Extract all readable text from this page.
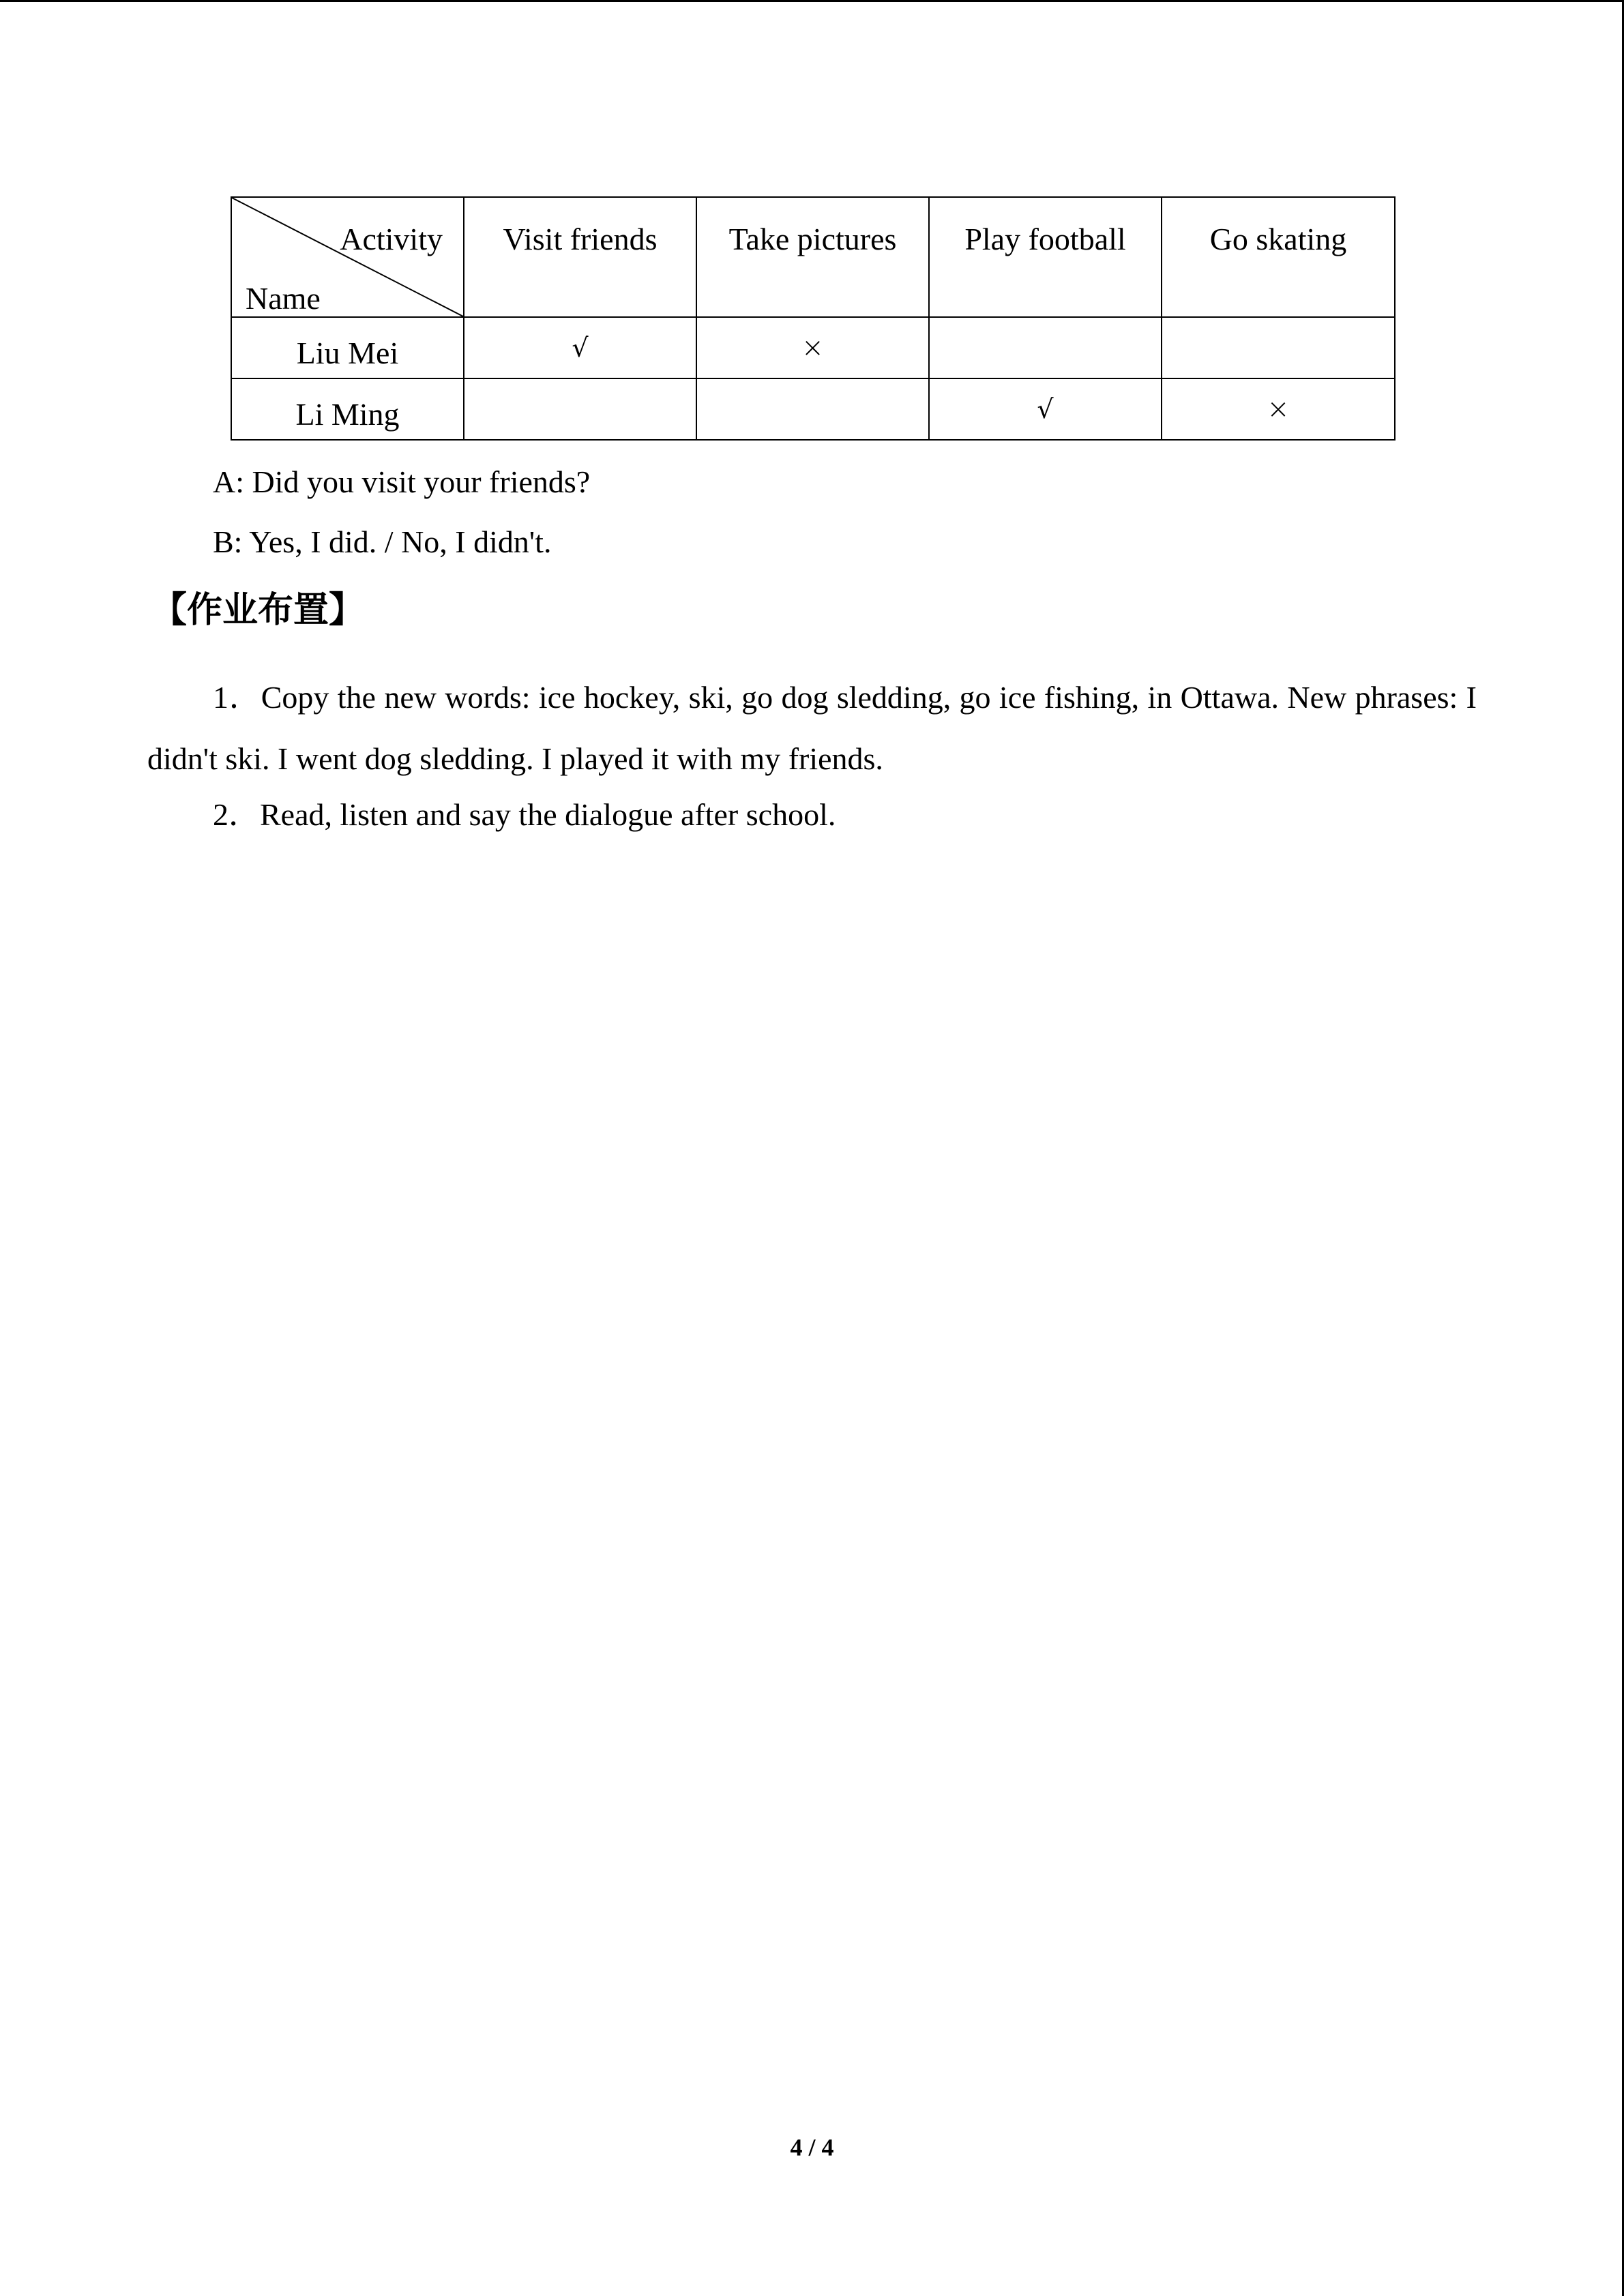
Activity
Name	Visit friends	Take pictures	Play football	Go skating
Liu Mei	√	×		
Li Ming			√	×
A: Did you visit your friends?
B: Yes, I did. / No, I didn't.
【作业布置】
1．Copy the new words: ice hockey, ski, go dog sledding, go ice fishing, in Ottawa. New phrases: I didn't ski. I went dog sledding. I played it with my friends.
2．Read, listen and say the dialogue after school.
4 / 4
